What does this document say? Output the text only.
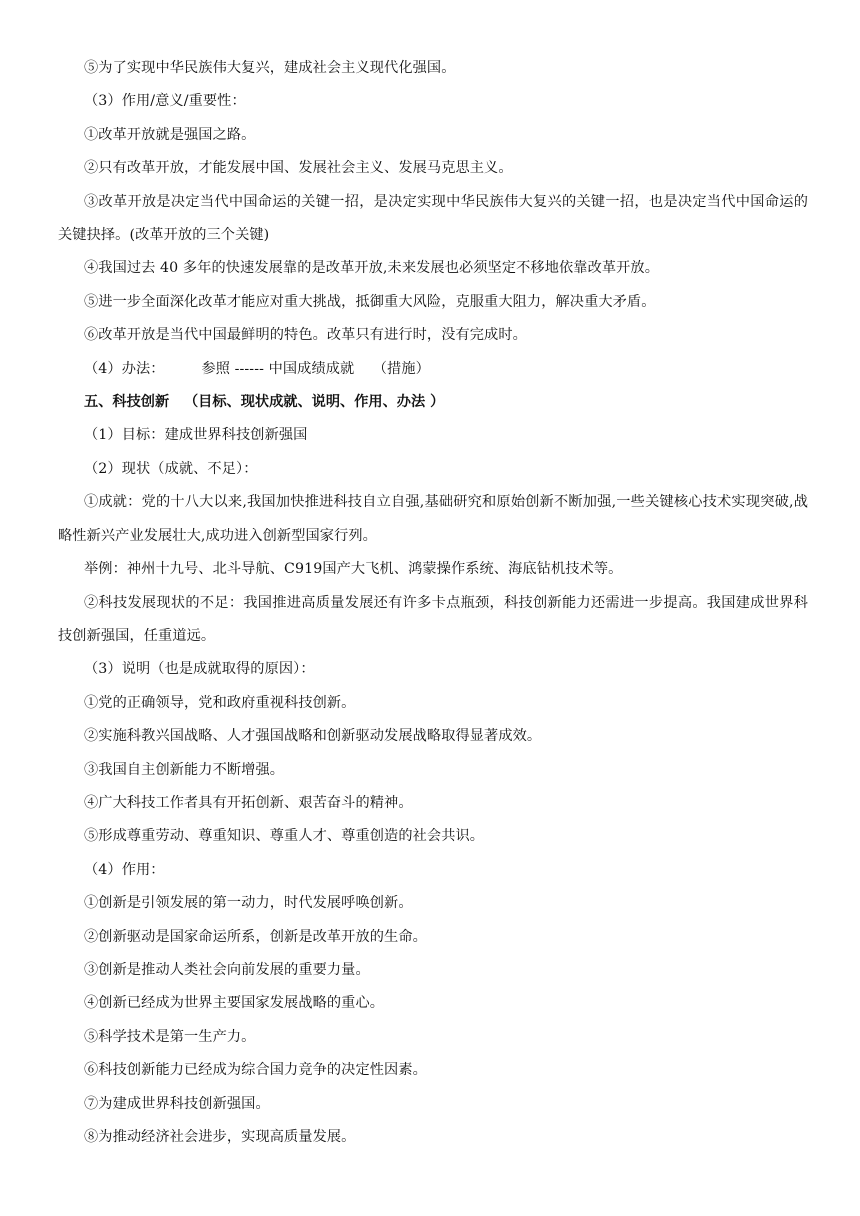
⑤为了实现中华民族伟大复兴，建成社会主义现代化强国。
（3）作用/意义/重要性：
①改革开放就是强国之路。
②只有改革开放，才能发展中国、发展社会主义、发展马克思主义。
③改革开放是决定当代中国命运的关键一招，是决定实现中华民族伟大复兴的关键一招，也是决定当代中国命运的关键抉择。(改革开放的三个关键)
④我国过去 40 多年的快速发展靠的是改革开放,未来发展也必须坚定不移地依靠改革开放。
⑤进一步全面深化改革才能应对重大挑战，抵御重大风险，克服重大阻力，解决重大矛盾。
⑥改革开放是当代中国最鲜明的特色。改革只有进行时，没有完成时。
（4）办法：        参照 ------ 中国成绩成就    （措施）
五、科技创新   （目标、现状成就、说明、作用、办法 ）
（1）目标：建成世界科技创新强国
（2）现状（成就、不足）：
①成就：党的十八大以来,我国加快推进科技自立自强,基础研究和原始创新不断加强,一些关键核心技术实现突破,战略性新兴产业发展壮大,成功进入创新型国家行列。
举例：神州十九号、北斗导航、C919国产大飞机、鸿蒙操作系统、海底钻机技术等。
②科技发展现状的不足：我国推进高质量发展还有许多卡点瓶颈，科技创新能力还需进一步提高。我国建成世界科技创新强国，任重道远。
（3）说明（也是成就取得的原因）：
①党的正确领导，党和政府重视科技创新。
②实施科教兴国战略、人才强国战略和创新驱动发展战略取得显著成效。
③我国自主创新能力不断增强。
④广大科技工作者具有开拓创新、艰苦奋斗的精神。
⑤形成尊重劳动、尊重知识、尊重人才、尊重创造的社会共识。
（4）作用：
①创新是引领发展的第一动力，时代发展呼唤创新。
②创新驱动是国家命运所系，创新是改革开放的生命。
③创新是推动人类社会向前发展的重要力量。
④创新已经成为世界主要国家发展战略的重心。
⑤科学技术是第一生产力。
⑥科技创新能力已经成为综合国力竞争的决定性因素。
⑦为建成世界科技创新强国。
⑧为推动经济社会进步，实现高质量发展。
